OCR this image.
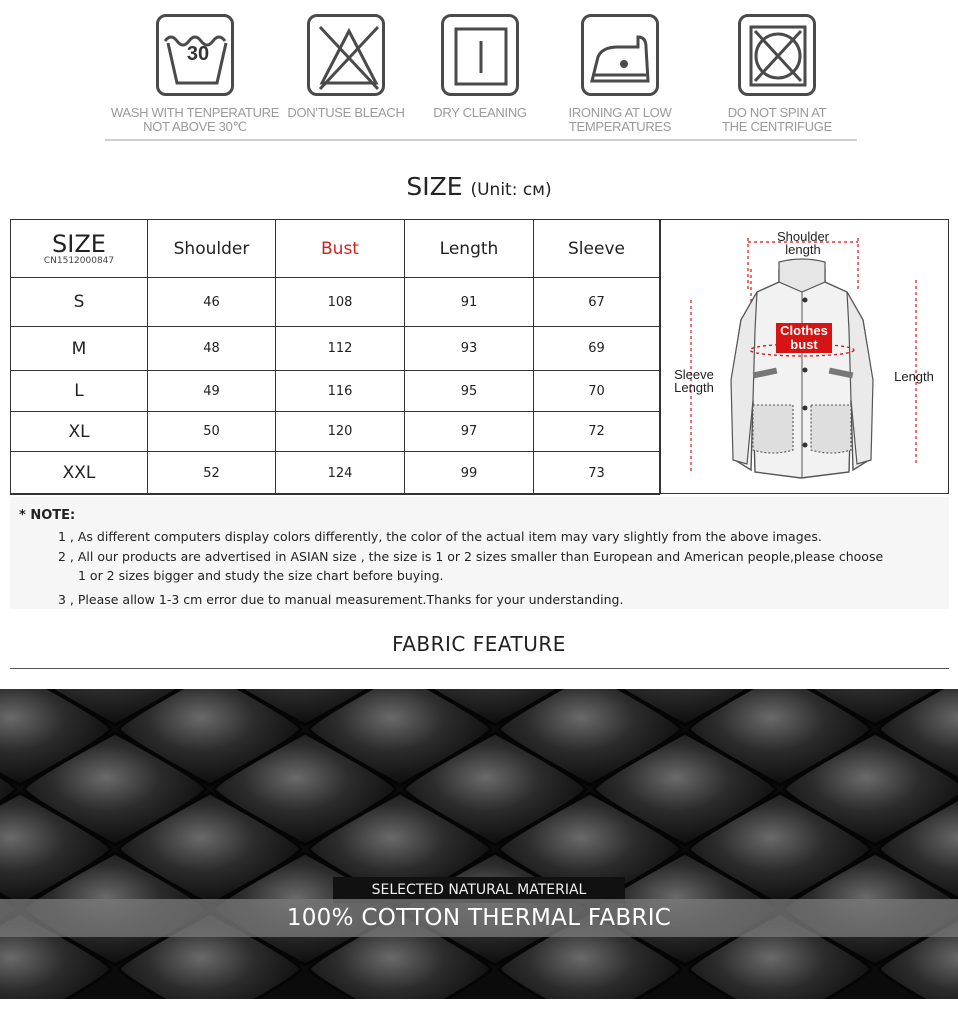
30
WASH WITH TENPERATURE
NOT ABOVE 30℃
DON'TUSE BLEACH	DRY CLEANING	IRONING AT LOW
TEMPERATURES
DO NOT SPIN AT
THE CENTRIFUGE
SIZE (Unit: cм)
SIZE
CN1512000847	Shoulder	Bust	Length	Sleeve
S	46	108	91	67
M	48	112	93	69
L	49	116	95	70
XL	50	120	97	72
XXL	52	124	99	73
Shoulder
length
Clothes
bust
Sleeve
Length
Length
* NOTE:
1 , As different computers display colors differently, the color of the actual item may vary slightly from the above images.
2 , All our products are advertised in ASIAN size , the size is 1 or 2 sizes smaller than European and American people,please choose
1 or 2 sizes bigger and study the size chart before buying.
3 , Please allow 1-3 cm error due to manual measurement.Thanks for your understanding.
FABRIC FEATURE
SELECTED NATURAL MATERIAL
100% COTTON THERMAL FABRIC
